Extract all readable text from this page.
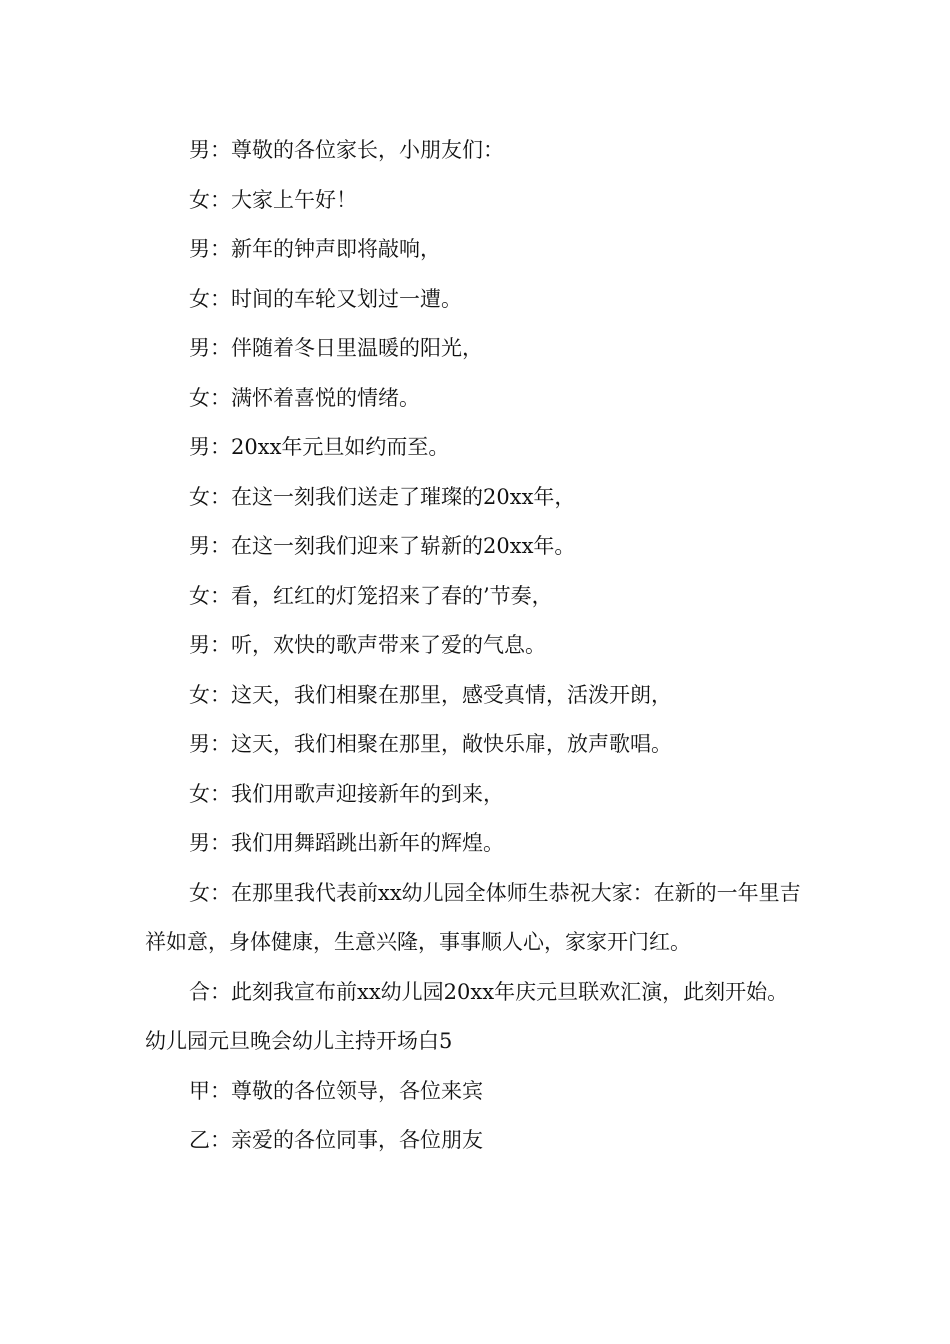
男：尊敬的各位家长，小朋友们：

女：大家上午好！

男：新年的钟声即将敲响，

女：时间的车轮又划过一遭。

男：伴随着冬日里温暖的阳光，

女：满怀着喜悦的情绪。

男：20xx年元旦如约而至。

女：在这一刻我们送走了璀璨的20xx年，

男：在这一刻我们迎来了崭新的20xx年。

女：看，红红的灯笼招来了春的’节奏，

男：听，欢快的歌声带来了爱的气息。

女：这天，我们相聚在那里，感受真情，活泼开朗，

男：这天，我们相聚在那里，敞快乐扉，放声歌唱。

女：我们用歌声迎接新年的到来，

男：我们用舞蹈跳出新年的辉煌。

女：在那里我代表前xx幼儿园全体师生恭祝大家：在新的一年里吉祥如意，身体健康，生意兴隆，事事顺人心，家家开门红。

合：此刻我宣布前xx幼儿园20xx年庆元旦联欢汇演，此刻开始。

幼儿园元旦晚会幼儿主持开场白5

甲：尊敬的各位领导，各位来宾

乙：亲爱的各位同事，各位朋友
